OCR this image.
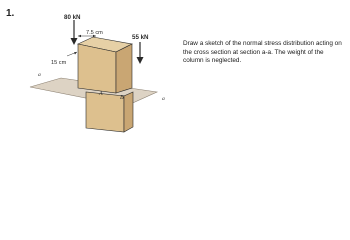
1.	80 kN
55 kN
7.5 cm
15 cm
a
a
A
B

Draw a sketch of the normal stress distribution acting on the cross section at section a-a. The weight of the column is neglected.
